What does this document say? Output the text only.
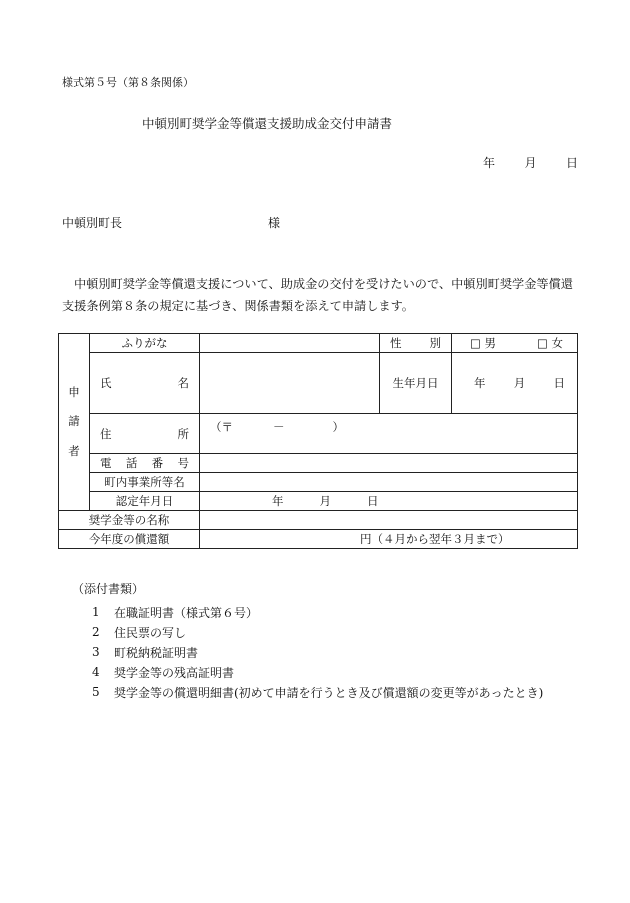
様式第５号（第８条関係）
中頓別町奨学金等償還支援助成金交付申請書
年 月 日
中頓別町長	様
中頓別町奨学金等償還支援について、助成金の交付を受けたいので、中頓別町奨学金等償還支援条例第８条の規定に基づき、関係書類を添えて申請します。
申
請
者	ふりがな		性 別	□ 男 □ 女

	氏 名		生年月日	年 月 日

	住 所	（〒 － ）		

	電 話 番 号			

	町内事業所等名			
	認定年月日	年 月 日		

奨学金等の名称				
今年度の償還額		円（４月から翌年３月まで）		
（添付書類）
1	在職証明書（様式第６号）
2	住民票の写し
3	町税納税証明書
4	奨学金等の残高証明書
5	奨学金等の償還明細書(初めて申請を行うとき及び償還額の変更等があったとき)
